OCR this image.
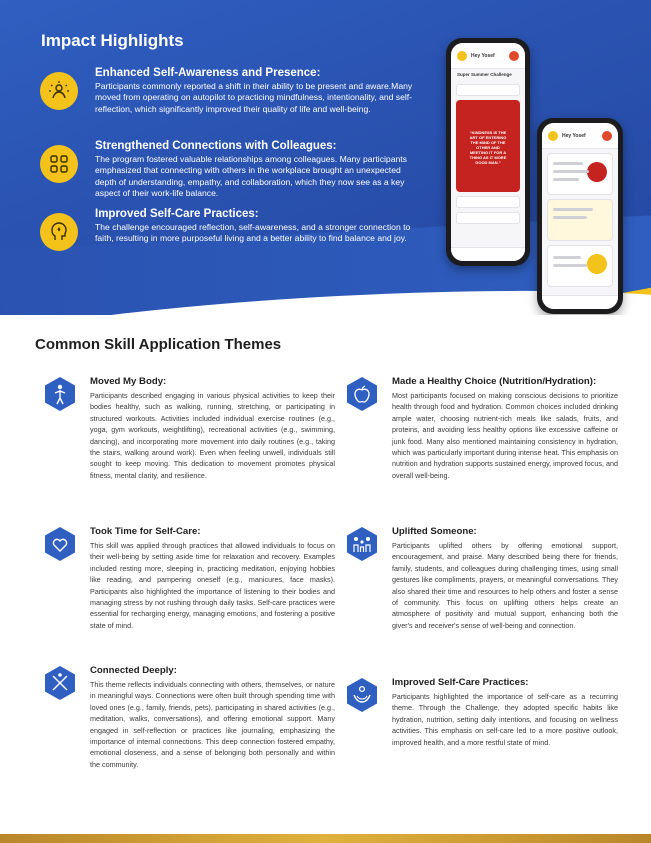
Impact Highlights
Enhanced Self-Awareness and Presence:
Participants commonly reported a shift in their ability to be present and aware.Many moved from operating on autopilot to practicing mindfulness, intentionality, and self-reflection, which significantly improved their quality of life and well-being.
Strengthened Connections with Colleagues:
The program fostered valuable relationships among colleagues. Many participants emphasized that connecting with others in the workplace brought an unexpected depth of understanding, empathy, and collaboration, which they now see as a key aspect of their work-life balance.
Improved Self-Care Practices:
The challenge encouraged reflection, self-awareness, and a stronger connection to faith, resulting in more purposeful living and a better ability to find balance and joy.
Hey Yosef
Super Summer Challenge
“KINDNESS IS THE ART OF ENTERING THE MIND OF THE OTHER AND MEETING IT FOR A THING AS IT MORE GOOD MAN.”
Hey Yosef
Common Skill Application Themes
Moved My Body:
Participants described engaging in various physical activities to keep their bodies healthy, such as walking, running, stretching, or participating in structured workouts. Activities included individual exercise routines (e.g., yoga, gym workouts, weightlifting), recreational activities (e.g., swimming, dancing), and incorporating more movement into daily routines (e.g., taking the stairs, walking around work). Even when feeling unwell, individuals still sought to keep moving. This dedication to movement promotes physical fitness, mental clarity, and resilience.
Took Time for Self-Care:
This skill was applied through practices that allowed individuals to focus on their well-being by setting aside time for relaxation and recovery. Examples included resting more, sleeping in, practicing meditation, enjoying hobbies like reading, and pampering oneself (e.g., manicures, face masks). Participants also highlighted the importance of listening to their bodies and managing stress by not rushing through daily tasks. Self-care practices were essential for recharging energy, managing emotions, and fostering a positive state of mind.
Connected Deeply:
This theme reflects individuals connecting with others, themselves, or nature in meaningful ways. Connections were often built through spending time with loved ones (e.g., family, friends, pets), participating in shared activities (e.g., meditation, walks, conversations), and offering emotional support. Many engaged in self-reflection or practices like journaling, emphasizing the importance of internal connections. This deep connection fostered empathy, emotional closeness, and a sense of belonging both personally and within the community.
Made a Healthy Choice (Nutrition/Hydration):
Most participants focused on making conscious decisions to prioritize health through food and hydration. Common choices included drinking ample water, choosing nutrient-rich meals like salads, fruits, and proteins, and avoiding less healthy options like excessive caffeine or junk food. Many also mentioned maintaining consistency in hydration, which was particularly important during intense heat. This emphasis on nutrition and hydration supports sustained energy, improved focus, and overall well-being.
Uplifted Someone:
Participants uplifted others by offering emotional support, encouragement, and praise. Many described being there for friends, family, students, and colleagues during challenging times, using small gestures like compliments, prayers, or meaningful conversations. They also shared their time and resources to help others and foster a sense of community. This focus on uplifting others helps create an atmosphere of positivity and mutual support, enhancing both the giver's and receiver's sense of well-being and connection.
Improved Self-Care Practices:
Participants highlighted the importance of self-care as a recurring theme. Through the Challenge, they adopted specific habits like hydration, nutrition, setting daily intentions, and focusing on wellness activities. This emphasis on self-care led to a more positive outlook, improved health, and a more restful state of mind.
